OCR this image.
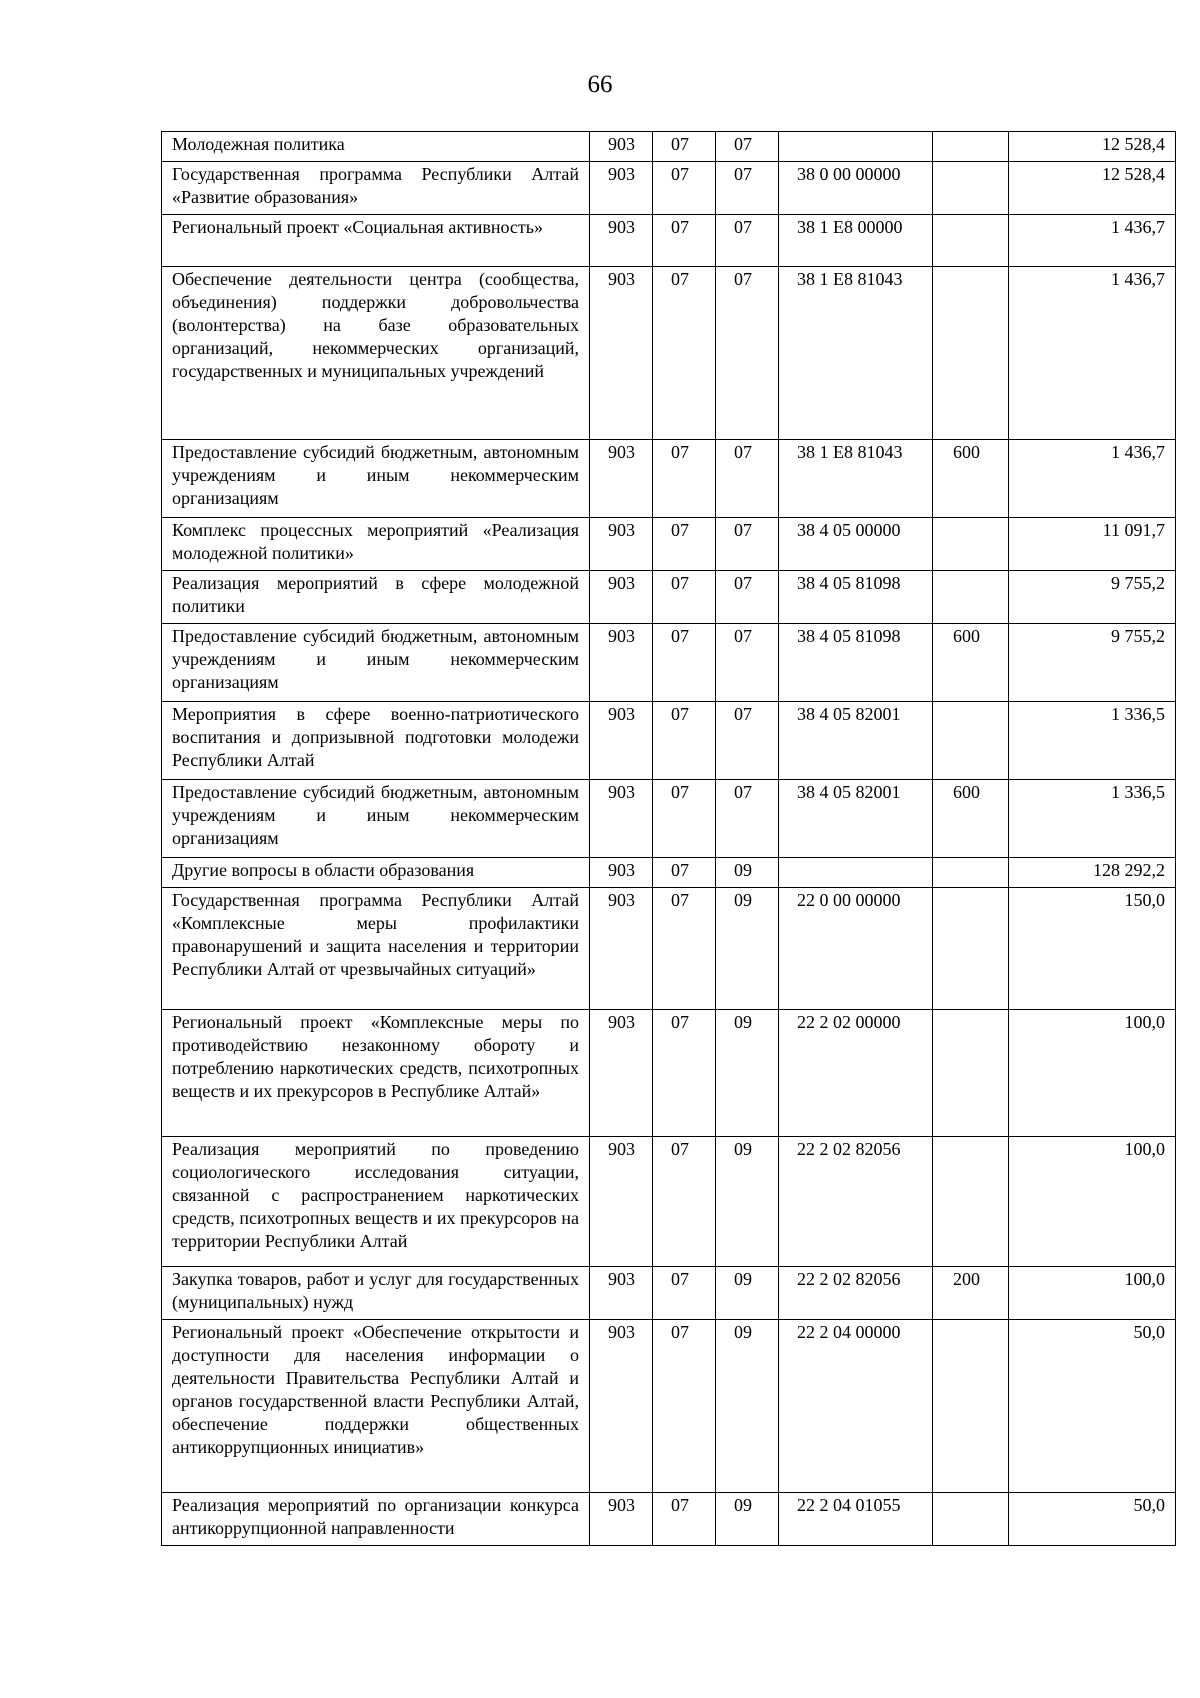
66
Молодежная политика	903	07	07			12 528,4
Государственная программа Республики Алтай «Развитие образования»	903	07	07	38 0 00 00000		12 528,4
Региональный проект «Социальная активность»	903	07	07	38 1 E8 00000		1 436,7
Обеспечение деятельности центра (сообщества, объединения) поддержки добровольчества (волонтерства) на базе образовательных организаций, некоммерческих организаций, государственных и муниципальных учреждений	903	07	07	38 1 E8 81043		1 436,7
Предоставление субсидий бюджетным, автономным учреждениям и иным некоммерческим организациям	903	07	07	38 1 E8 81043	600	1 436,7
Комплекс процессных мероприятий «Реализация молодежной политики»	903	07	07	38 4 05 00000		11 091,7
Реализация мероприятий в сфере молодежной политики	903	07	07	38 4 05 81098		9 755,2
Предоставление субсидий бюджетным, автономным учреждениям и иным некоммерческим организациям	903	07	07	38 4 05 81098	600	9 755,2
Мероприятия в сфере военно-патриотического воспитания и допризывной подготовки молодежи Республики Алтай	903	07	07	38 4 05 82001		1 336,5
Предоставление субсидий бюджетным, автономным учреждениям и иным некоммерческим организациям	903	07	07	38 4 05 82001	600	1 336,5
Другие вопросы в области образования	903	07	09			128 292,2
Государственная программа Республики Алтай «Комплексные меры профилактики правонарушений и защита населения и территории Республики Алтай от чрезвычайных ситуаций»	903	07	09	22 0 00 00000		150,0
Региональный проект «Комплексные меры по противодействию незаконному обороту и потреблению наркотических средств, психотропных веществ и их прекурсоров в Республике Алтай»	903	07	09	22 2 02 00000		100,0
Реализация мероприятий по проведению социологического исследования ситуации, связанной с распространением наркотических средств, психотропных веществ и их прекурсоров на территории Республики Алтай	903	07	09	22 2 02 82056		100,0
Закупка товаров, работ и услуг для государственных (муниципальных) нужд	903	07	09	22 2 02 82056	200	100,0
Региональный проект «Обеспечение открытости и доступности для населения информации о деятельности Правительства Республики Алтай и органов государственной власти Республики Алтай, обеспечение поддержки общественных антикоррупционных инициатив»	903	07	09	22 2 04 00000		50,0
Реализация мероприятий по организации конкурса антикоррупционной направленности	903	07	09	22 2 04 01055		50,0
